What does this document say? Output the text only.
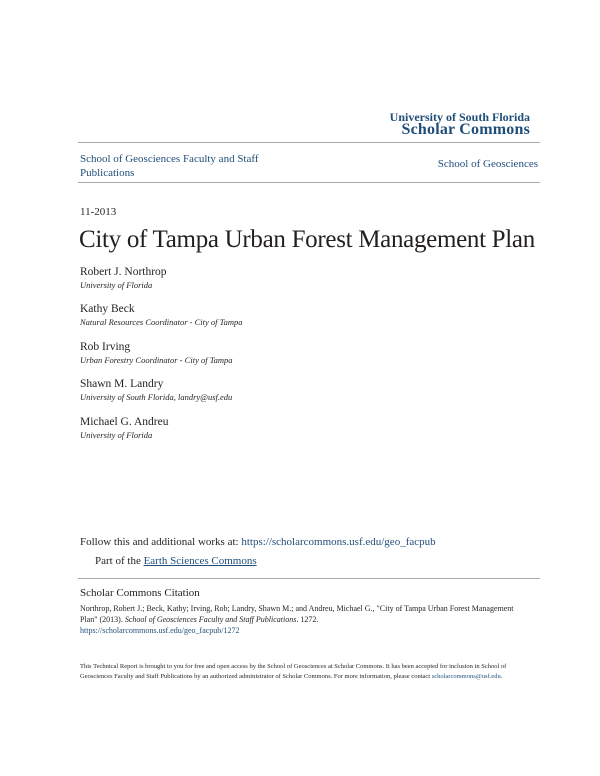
University of South Florida
Scholar Commons
School of Geosciences Faculty and Staff Publications
School of Geosciences
11-2013
City of Tampa Urban Forest Management Plan
Robert J. Northrop
University of Florida
Kathy Beck
Natural Resources Coordinator - City of Tampa
Rob Irving
Urban Forestry Coordinator - City of Tampa
Shawn M. Landry
University of South Florida, landry@usf.edu
Michael G. Andreu
University of Florida
Follow this and additional works at: https://scholarcommons.usf.edu/geo_facpub
Part of the Earth Sciences Commons
Scholar Commons Citation
Northrop, Robert J.; Beck, Kathy; Irving, Rob; Landry, Shawn M.; and Andreu, Michael G., "City of Tampa Urban Forest Management Plan" (2013). School of Geosciences Faculty and Staff Publications. 1272.
https://scholarcommons.usf.edu/geo_facpub/1272
This Technical Report is brought to you for free and open access by the School of Geosciences at Scholar Commons. It has been accepted for inclusion in School of Geosciences Faculty and Staff Publications by an authorized administrator of Scholar Commons. For more information, please contact scholarcommons@usf.edu.
